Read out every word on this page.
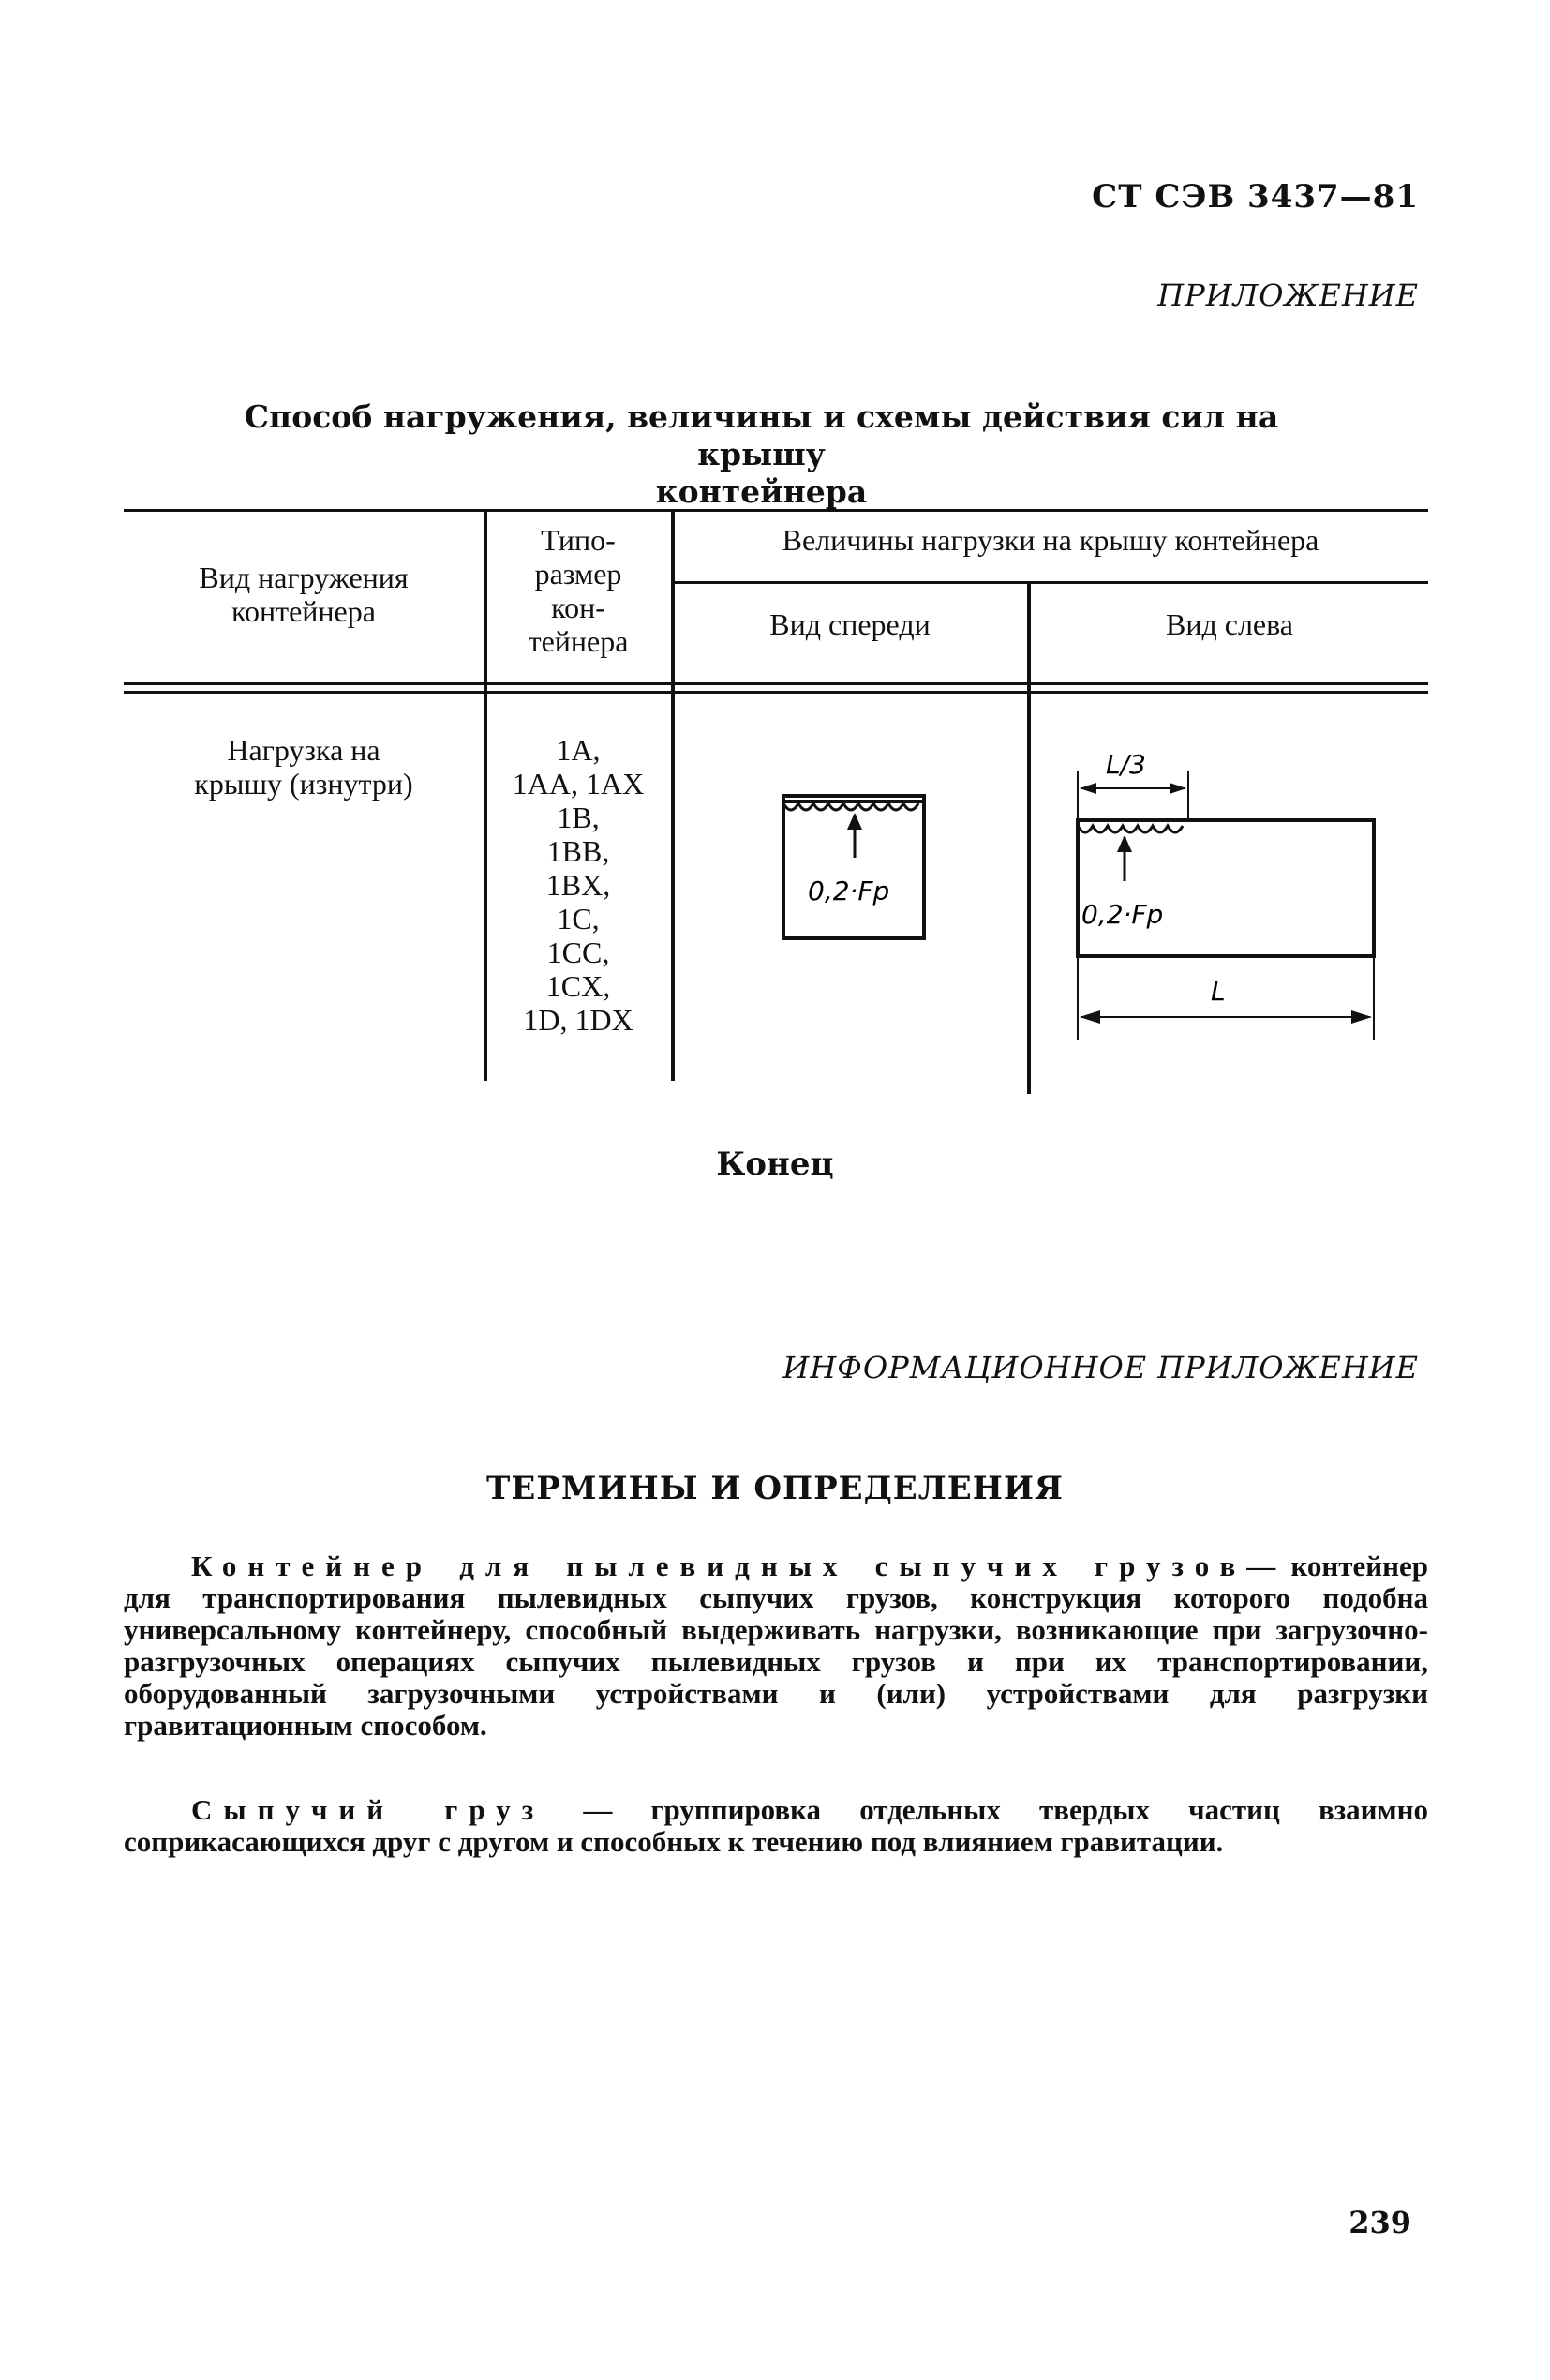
СТ СЭВ 3437—81
ПРИЛОЖЕНИЕ
Способ нагружения, величины и схемы действия сил на крышу
контейнера
Вид нагружения
контейнера
Типо-
размер
кон-
тейнера
Величины нагрузки на крышу контейнера
Вид спереди	Вид слева
Нагрузка на
крышу (изнутри)
1A,
1AA, 1AX
1B,
1BB,
1BX,
1C,
1CC,
1CX,
1D, 1DX
0,2·Fp
L/3
0,2·Fp
L
Конец
ИНФОРМАЦИОННОЕ ПРИЛОЖЕНИЕ
ТЕРМИНЫ И ОПРЕДЕЛЕНИЯ
Контейнер для пылевидных сыпучих грузов— контейнер для транспортирования пылевидных сыпучих грузов, конструкция которого подобна универсальному контейнеру, способный выдерживать нагрузки, возникающие при загрузочно-разгрузочных операциях сыпучих пылевидных грузов и при их транспортировании, оборудованный загрузочными устройствами и (или) устройствами для разгрузки гравитационным способом.
Сыпучий груз — группировка отдельных твердых частиц взаимно соприкасающихся друг с другом и способных к течению под влиянием гравитации.
239
